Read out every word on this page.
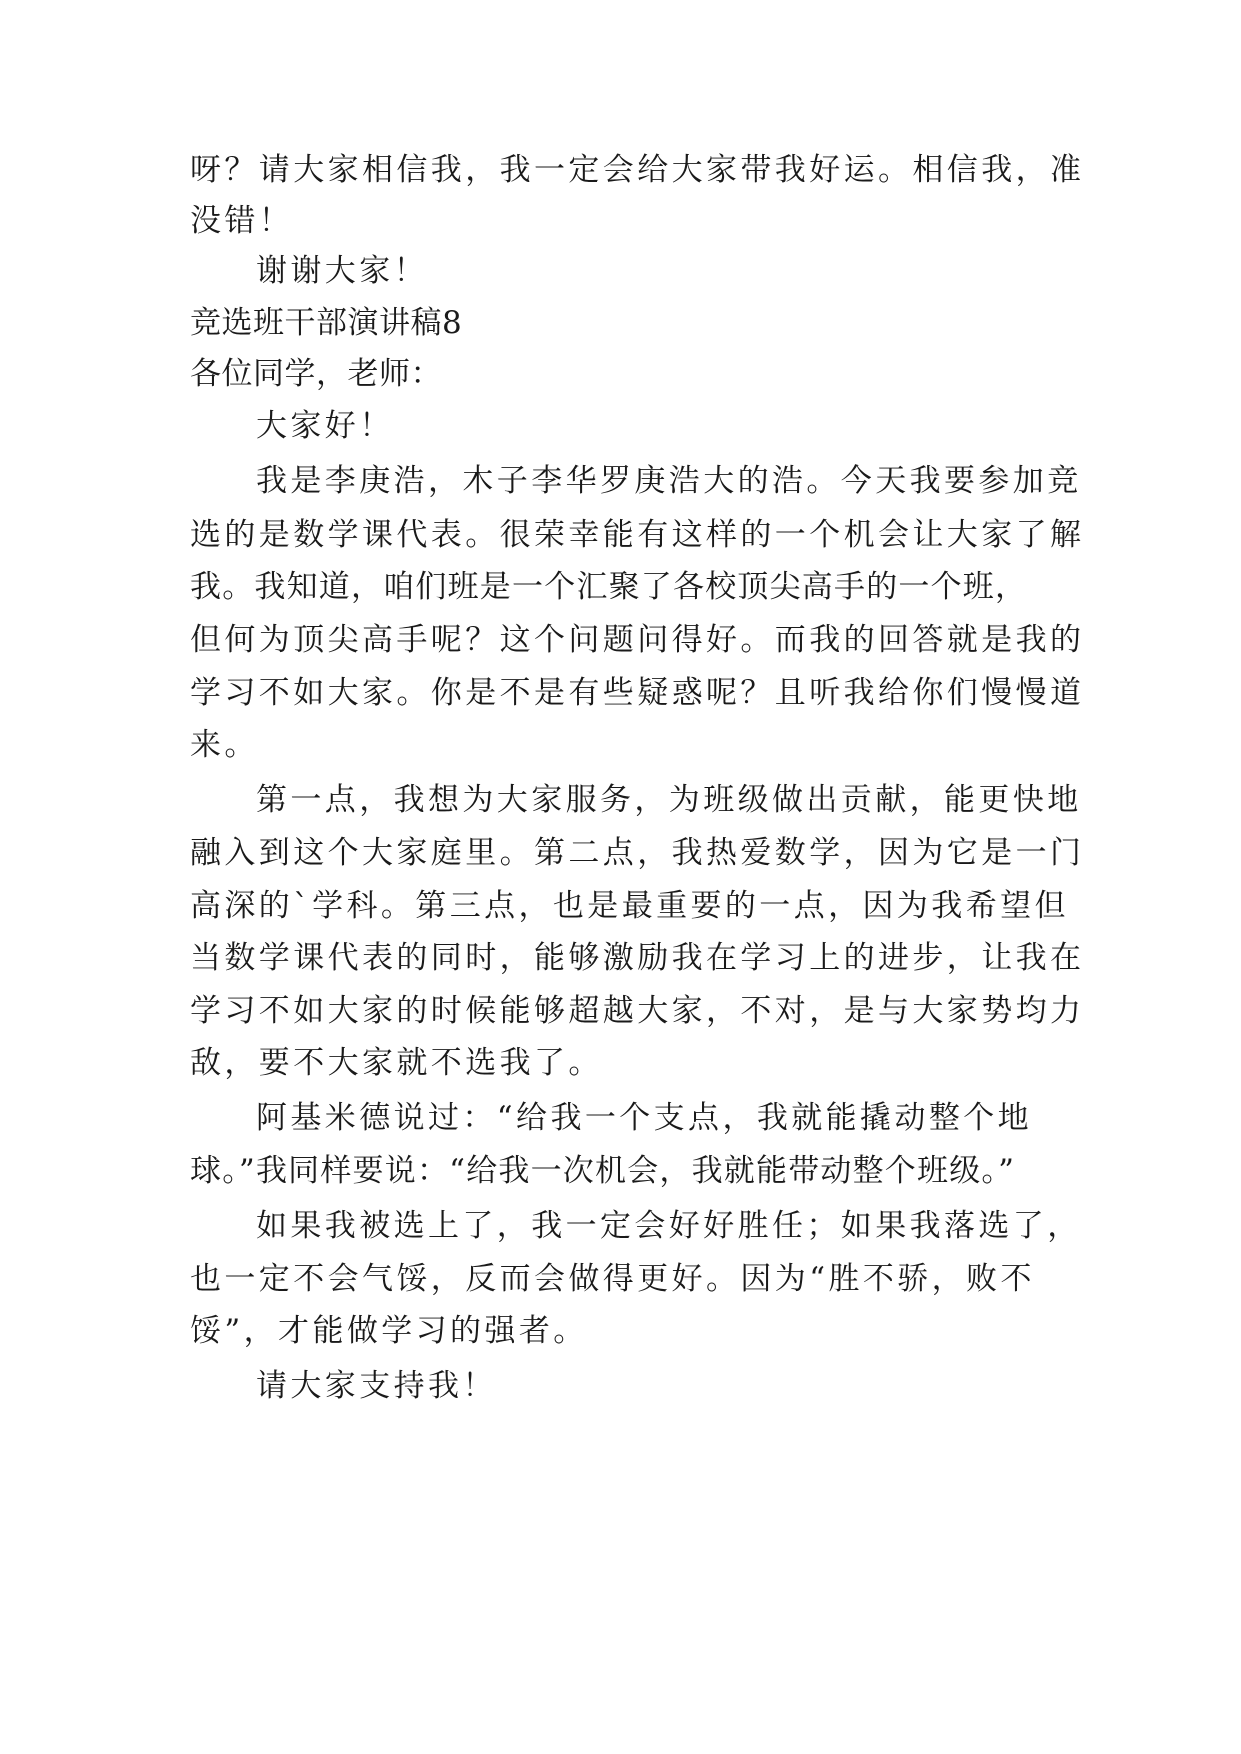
呀？请大家相信我，我一定会给大家带我好运。相信我，准
没错！
谢谢大家！
竞选班干部演讲稿8
各位同学，老师：
大家好！
我是李庚浩，木子李华罗庚浩大的浩。今天我要参加竞
选的是数学课代表。很荣幸能有这样的一个机会让大家了解
我。我知道，咱们班是一个汇聚了各校顶尖高手的一个班，
但何为顶尖高手呢？这个问题问得好。而我的回答就是我的
学习不如大家。你是不是有些疑惑呢？且听我给你们慢慢道
来。
第一点，我想为大家服务，为班级做出贡献，能更快地
融入到这个大家庭里。第二点，我热爱数学，因为它是一门
高深的`学科。第三点，也是最重要的一点，因为我希望但
当数学课代表的同时，能够激励我在学习上的进步，让我在
学习不如大家的时候能够超越大家，不对，是与大家势均力
敌，要不大家就不选我了。
阿基米德说过：“给我一个支点，我就能撬动整个地
球。”我同样要说：“给我一次机会，我就能带动整个班级。”
如果我被选上了，我一定会好好胜任；如果我落选了，
也一定不会气馁，反而会做得更好。因为“胜不骄，败不
馁”，才能做学习的强者。
请大家支持我！
